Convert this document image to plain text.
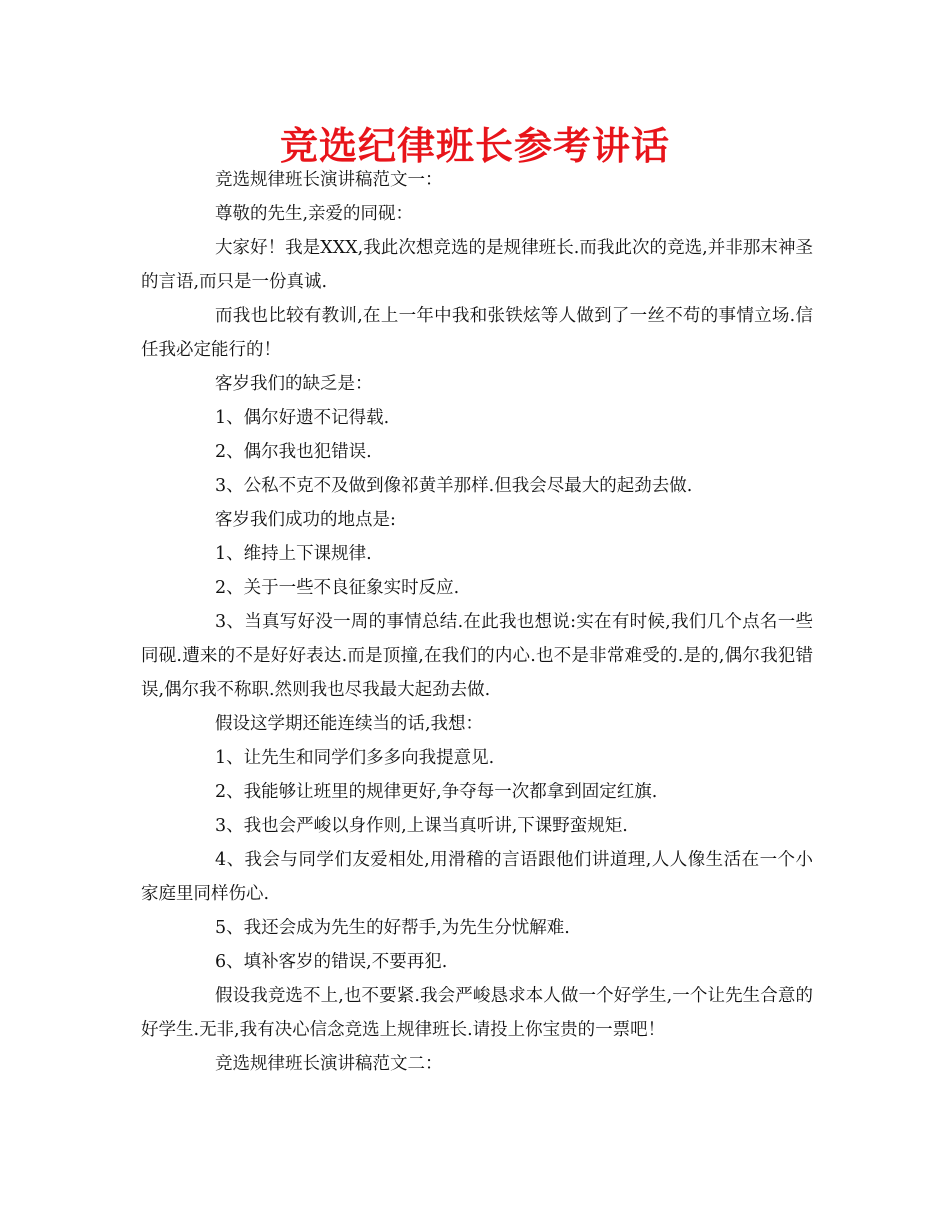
竞选纪律班长参考讲话

竞选规律班长演讲稿范文一：

尊敬的先生,亲爱的同砚：

大家好！我是XXX,我此次想竞选的是规律班长.而我此次的竞选,并非那末神圣的言语,而只是一份真诚.

而我也比较有教训,在上一年中我和张铁炫等人做到了一丝不苟的事情立场.信任我必定能行的！

客岁我们的缺乏是：

1、偶尔好遗不记得载.

2、偶尔我也犯错误.

3、公私不克不及做到像祁黄羊那样.但我会尽最大的起劲去做.

客岁我们成功的地点是:

1、维持上下课规律.

2、关于一些不良征象实时反应.

3、当真写好没一周的事情总结.在此我也想说:实在有时候,我们几个点名一些同砚.遭来的不是好好表达.而是顶撞,在我们的内心.也不是非常难受的.是的,偶尔我犯错误,偶尔我不称职.然则我也尽我最大起劲去做.

假设这学期还能连续当的话,我想：

1、让先生和同学们多多向我提意见.

2、我能够让班里的规律更好,争夺每一次都拿到固定红旗.

3、我也会严峻以身作则,上课当真听讲,下课野蛮规矩.

4、我会与同学们友爱相处,用滑稽的言语跟他们讲道理,人人像生活在一个小家庭里同样伤心.

5、我还会成为先生的好帮手,为先生分忧解难.

6、填补客岁的错误,不要再犯.

假设我竞选不上,也不要紧.我会严峻恳求本人做一个好学生,一个让先生合意的好学生.无非,我有决心信念竞选上规律班长.请投上你宝贵的一票吧！

竞选规律班长演讲稿范文二：
